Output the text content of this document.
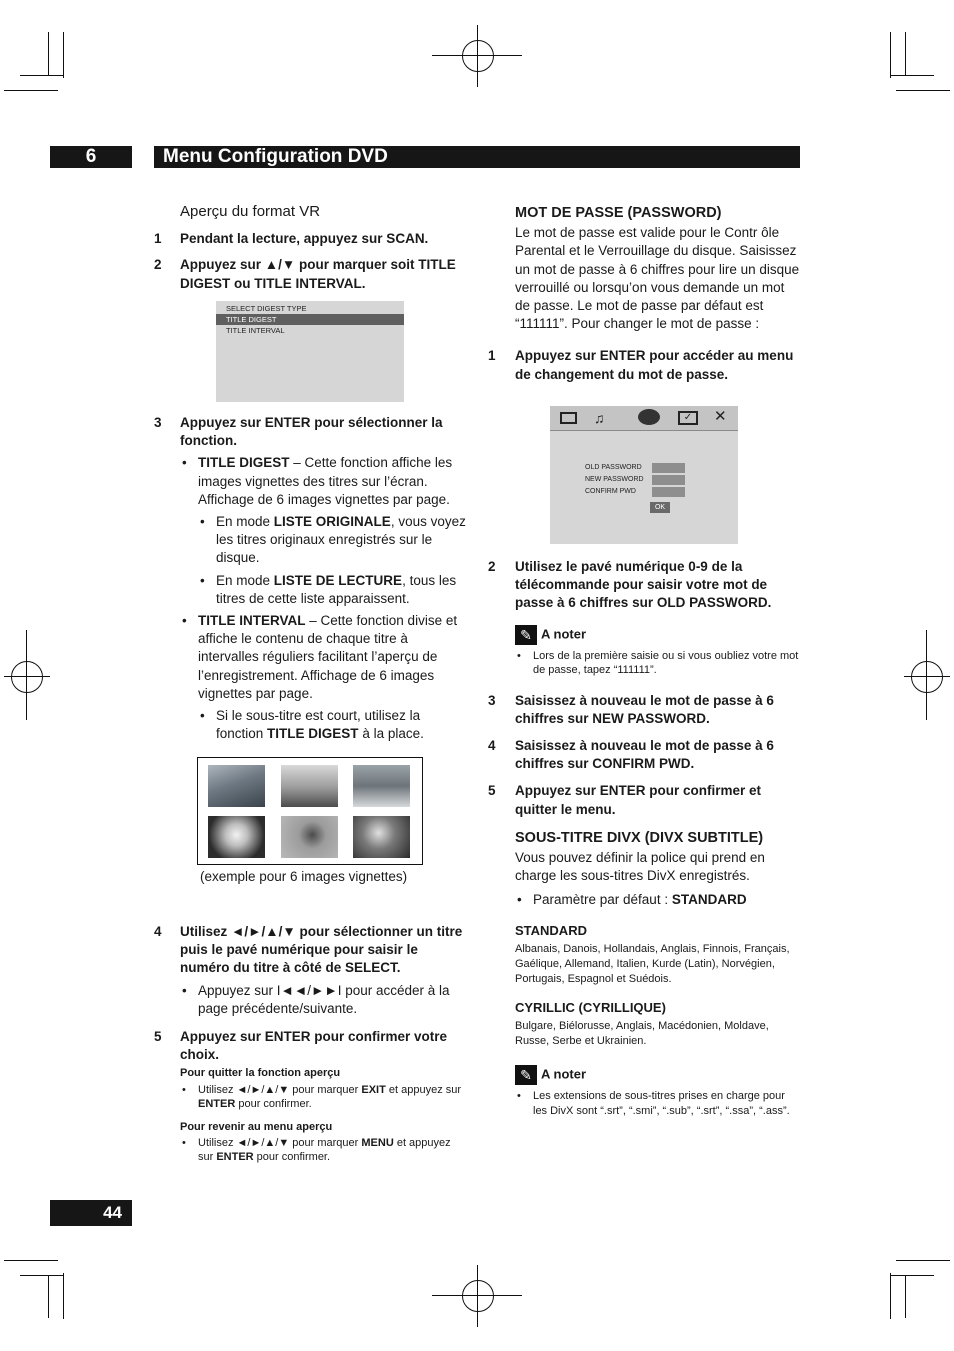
6	Menu Configuration DVD
Aperçu du format VR
1 Pendant la lecture, appuyez sur SCAN.
2 Appuyez sur ▲/▼ pour marquer soit TITLE DIGEST ou TITLE INTERVAL.
SELECT DIGEST TYPE
TITLE DIGEST
TITLE INTERVAL
3 Appuyez sur ENTER pour sélectionner la fonction.
• TITLE DIGEST – Cette fonction affiche les images vignettes des titres sur l’écran. Affichage de 6 images vignettes par page.
• En mode LISTE ORIGINALE, vous voyez les titres originaux enregistrés sur le disque.
• En mode LISTE DE LECTURE, tous les titres de cette liste apparaissent.
• TITLE INTERVAL – Cette fonction divise et affiche le contenu de chaque titre à intervalles réguliers facilitant l’aperçu de l’enregistrement. Affichage de 6 images vignettes par page.
• Si le sous-titre est court, utilisez la fonction TITLE DIGEST à la place.
(exemple pour 6 images vignettes)
4 Utilisez ◄/►/▲/▼ pour sélectionner un titre puis le pavé numérique pour saisir le numéro du titre à côté de SELECT.
• Appuyez sur I◄◄/►►I pour accéder à la page précédente/suivante.
5 Appuyez sur ENTER pour confirmer votre choix.
Pour quitter la fonction aperçu
• Utilisez ◄/►/▲/▼ pour marquer EXIT et appuyez sur ENTER pour confirmer.
Pour revenir au menu aperçu
• Utilisez ◄/►/▲/▼ pour marquer MENU et appuyez sur ENTER pour confirmer.
MOT DE PASSE (PASSWORD)

Le mot de passe est valide pour le Contr ôle Parental et le Verrouillage du disque. Saisissez un mot de passe à 6 chiffres pour lire un disque verrouillé ou lorsqu’on vous demande un mot de passe. Le mot de passe par défaut est “111111”. Pour changer le mot de passe :

1 Appuyez sur ENTER pour accéder au menu de changement du mot de passe.
♫	✓	✕
OLD PASSWORD
NEW PASSWORD
CONFIRM PWD
OK
2 Utilisez le pavé numérique 0-9 de la télécommande pour saisir votre mot de passe à 6 chiffres sur OLD PASSWORD.
✎ A noter
• Lors de la première saisie ou si vous oubliez votre mot de passe, tapez “111111”.
3 Saisissez à nouveau le mot de passe à 6 chiffres sur NEW PASSWORD.
4 Saisissez à nouveau le mot de passe à 6 chiffres sur CONFIRM PWD.
5 Appuyez sur ENTER pour confirmer et quitter le menu.
SOUS-TITRE DIVX (DIVX SUBTITLE)

Vous pouvez définir la police qui prend en charge les sous-titres DivX enregistrés.

• Paramètre par défaut : STANDARD
STANDARD
Albanais, Danois, Hollandais, Anglais, Finnois, Français, Gaélique, Allemand, Italien, Kurde (Latin), Norvégien, Portugais, Espagnol et Suédois.
CYRILLIC (CYRILLIQUE)
Bulgare, Biélorusse, Anglais, Macédonien, Moldave, Russe, Serbe et Ukrainien.
✎ A noter
• Les extensions de sous-titres prises en charge pour les DivX sont “.srt”, “.smi”, “.sub”, “.srt”, “.ssa”, “.ass”.
44
